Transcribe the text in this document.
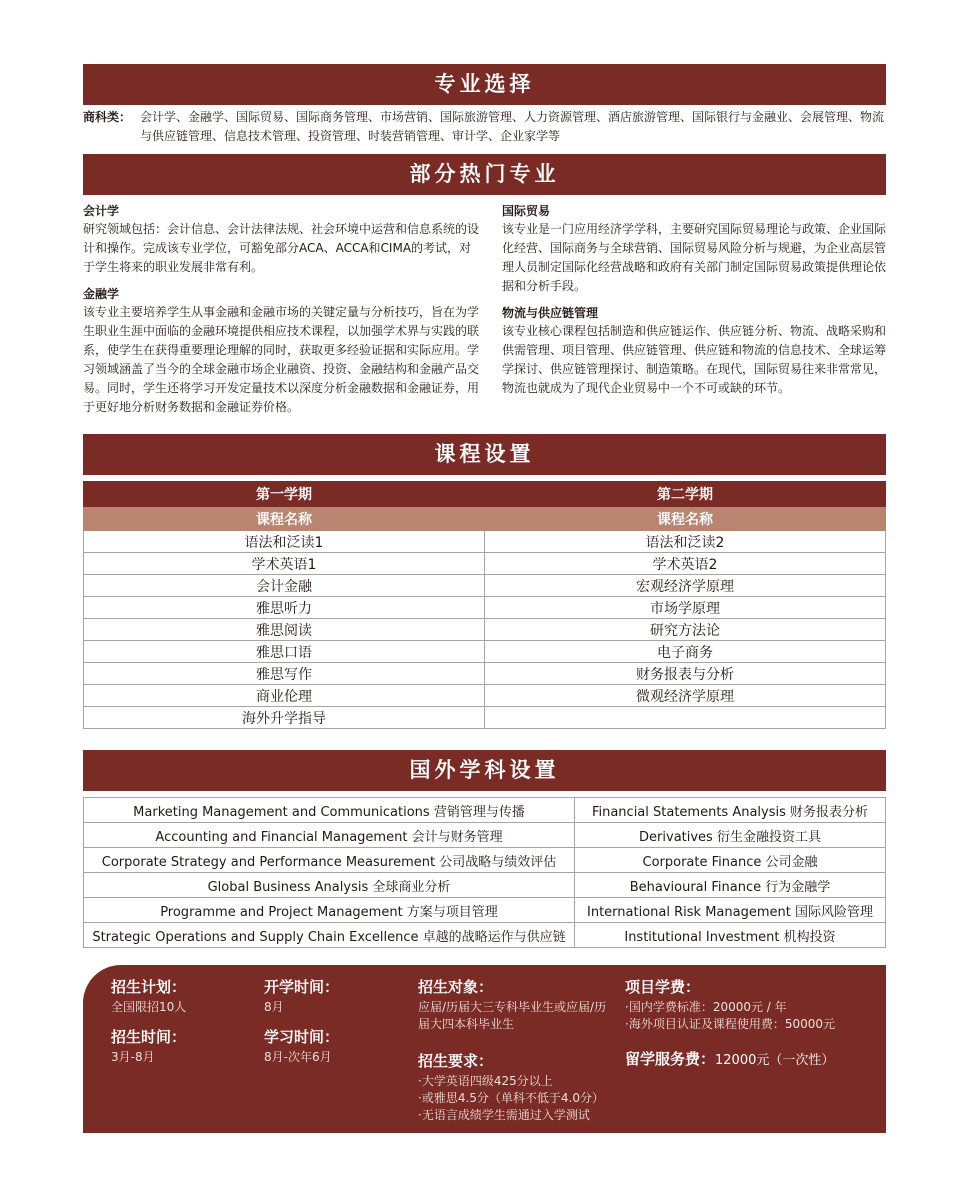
专业选择
商科类： 会计学、金融学、国际贸易、国际商务管理、市场营销、国际旅游管理、人力资源管理、酒店旅游管理、国际银行与金融业、会展管理、物流与供应链管理、信息技术管理、投资管理、时装营销管理、审计学、企业家学等
部分热门专业
会计学

研究领域包括：会计信息、会计法律法规、社会环境中运营和信息系统的设计和操作。完成该专业学位，可豁免部分ACA、ACCA和CIMA的考试，对于学生将来的职业发展非常有利。

金融学

该专业主要培养学生从事金融和金融市场的关键定量与分析技巧，旨在为学生职业生涯中面临的金融环境提供相应技术课程，以加强学术界与实践的联系，使学生在获得重要理论理解的同时，获取更多经验证据和实际应用。学习领域涵盖了当今的全球金融市场企业融资、投资、金融结构和金融产品交易。同时，学生还将学习开发定量技术以深度分析金融数据和金融证券，用于更好地分析财务数据和金融证券价格。

国际贸易

该专业是一门应用经济学学科，主要研究国际贸易理论与政策、企业国际化经营、国际商务与全球营销、国际贸易风险分析与规避，为企业高层管理人员制定国际化经营战略和政府有关部门制定国际贸易政策提供理论依据和分析手段。

物流与供应链管理

该专业核心课程包括制造和供应链运作、供应链分析、物流、战略采购和供需管理、项目管理、供应链管理、供应链和物流的信息技术、全球运筹学探讨、供应链管理探讨、制造策略。在现代，国际贸易往来非常常见，物流也就成为了现代企业贸易中一个不可或缺的环节。

课程设置
第一学期	第二学期
课程名称	课程名称
语法和泛读1	语法和泛读2
学术英语1	学术英语2
会计金融	宏观经济学原理
雅思听力	市场学原理
雅思阅读	研究方法论
雅思口语	电子商务
雅思写作	财务报表与分析
商业伦理	微观经济学原理
海外升学指导	
国外学科设置
Marketing Management and Communications 营销管理与传播	Financial Statements Analysis 财务报表分析
Accounting and Financial Management 会计与财务管理	Derivatives 衍生金融投资工具
Corporate Strategy and Performance Measurement 公司战略与绩效评估	Corporate Finance 公司金融
Global Business Analysis 全球商业分析	Behavioural Finance 行为金融学
Programme and Project Management 方案与项目管理	International Risk Management 国际风险管理
Strategic Operations and Supply Chain Excellence 卓越的战略运作与供应链	Institutional Investment 机构投资
招生计划：
全国限招10人
招生时间：
3月-8月
开学时间：
8月
学习时间：
8月-次年6月
招生对象：
应届/历届大三专科毕业生或应届/历届大四本科毕业生
招生要求：
·大学英语四级425分以上
·或雅思4.5分（单科不低于4.0分）
·无语言成绩学生需通过入学测试
项目学费：
·国内学费标准：20000元 / 年
·海外项目认证及课程使用费：50000元
留学服务费：12000元（一次性）
